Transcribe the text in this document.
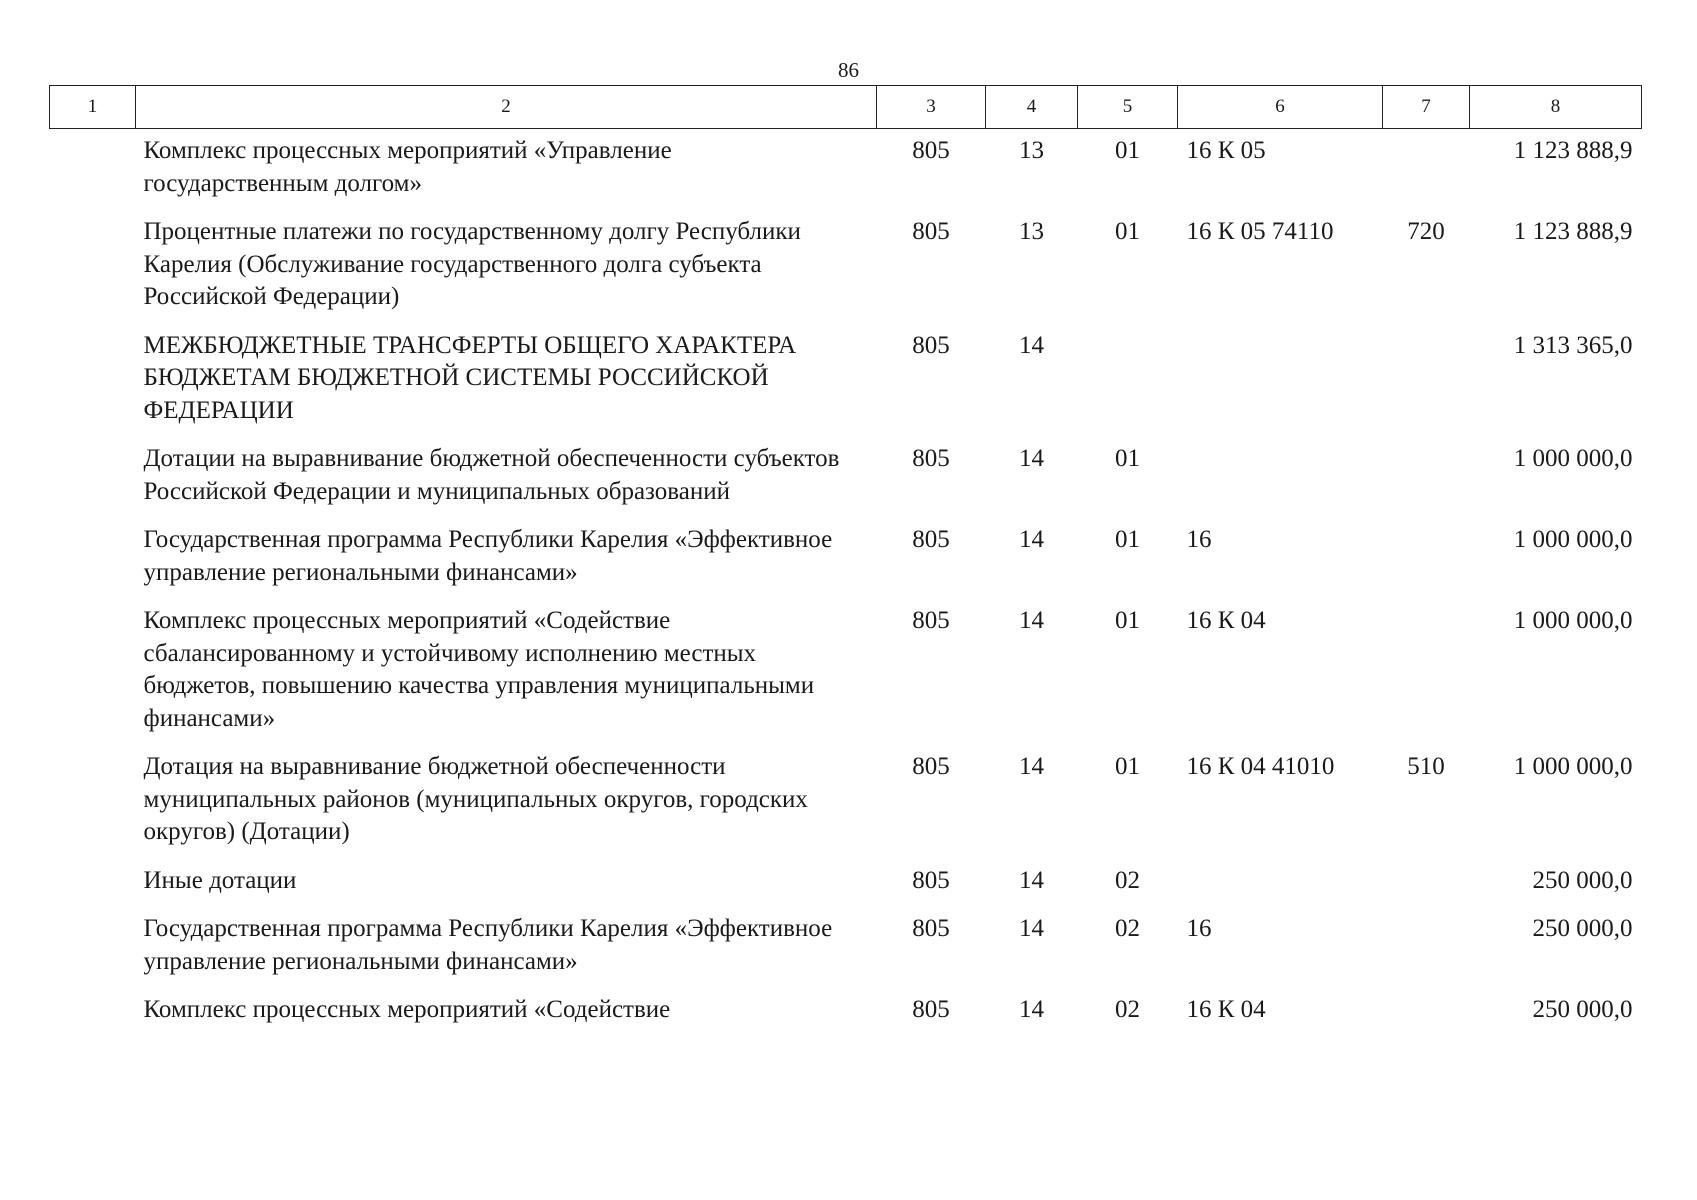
86
1	2	3	4	5	6	7	8
	Комплекс процессных мероприятий «Управление государственным долгом»	805	13	01	16 К 05		1 123 888,9
	Процентные платежи по государственному долгу Республики Карелия (Обслуживание государственного долга субъекта Российской Федерации)	805	13	01	16 К 05 74110	720	1 123 888,9
	МЕЖБЮДЖЕТНЫЕ ТРАНСФЕРТЫ ОБЩЕГО ХАРАКТЕРА БЮДЖЕТАМ БЮДЖЕТНОЙ СИСТЕМЫ РОССИЙСКОЙ ФЕДЕРАЦИИ	805	14				1 313 365,0
	Дотации на выравнивание бюджетной обеспеченности субъектов Российской Федерации и муниципальных образований	805	14	01			1 000 000,0
	Государственная программа Республики Карелия «Эффективное управление региональными финансами»	805	14	01	16		1 000 000,0
	Комплекс процессных мероприятий «Содействие сбалансированному и устойчивому исполнению местных бюджетов, повышению качества управления муниципальными финансами»	805	14	01	16 К 04		1 000 000,0
	Дотация на выравнивание бюджетной обеспеченности муниципальных районов (муниципальных округов, городских округов) (Дотации)	805	14	01	16 К 04 41010	510	1 000 000,0
	Иные дотации	805	14	02			250 000,0
	Государственная программа Республики Карелия «Эффективное управление региональными финансами»	805	14	02	16		250 000,0
	Комплекс процессных мероприятий «Содействие	805	14	02	16 К 04		250 000,0
